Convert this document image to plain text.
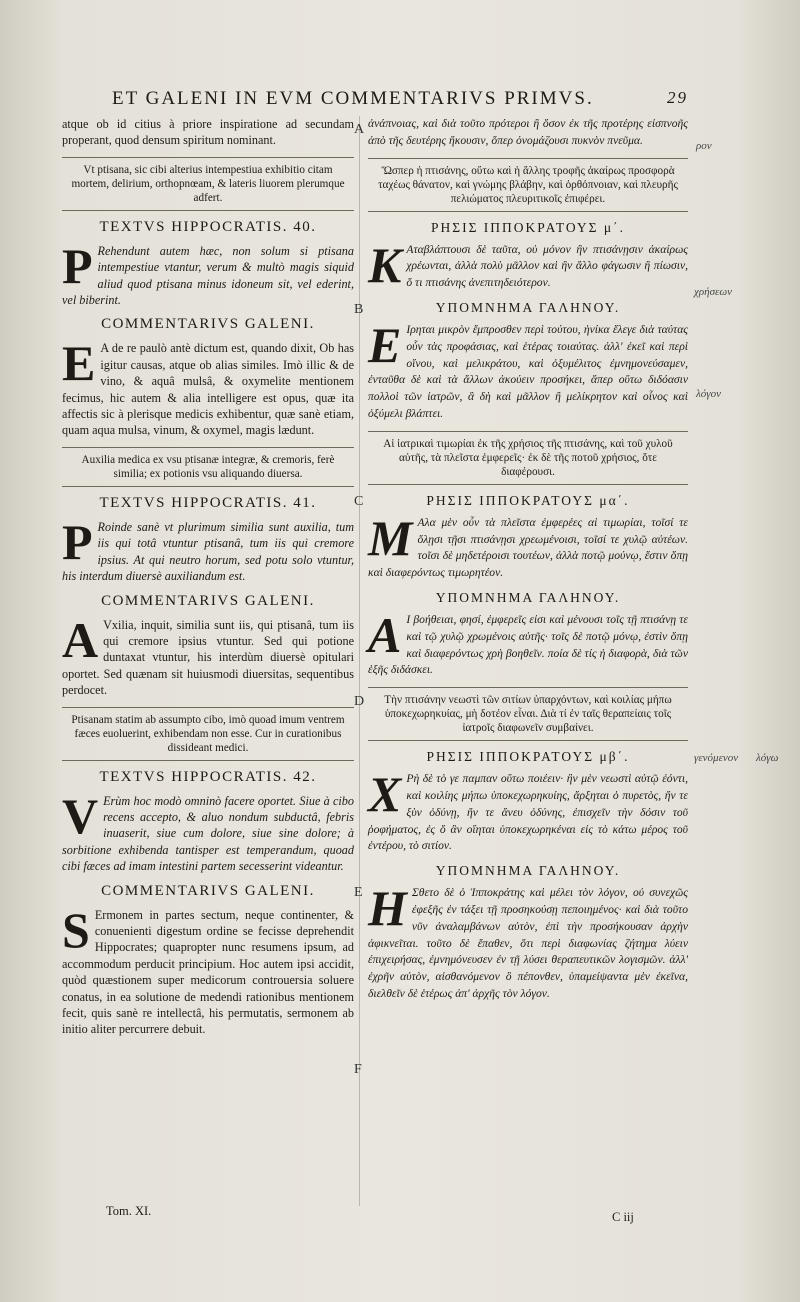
ET GALENI IN EVM COMMENTARIVS PRIMVS.	29

atque ob id citius à priore inspiratione ad secundam properant, quod densum spiritum nominant.

Vt ptisana, sic cibi alterius intempestiua exhibitio citam mortem, delirium, orthopnœam, & lateris liuorem plerumque adfert.
TEXTVS HIPPOCRATIS. 40.

P Rehendunt autem hæc, non solum si ptisana intempestiue vtantur, verum & multò magis siquid aliud quod ptisana minus idoneum sit, vel ederint, vel biberint.

COMMENTARIVS GALENI.

E A de re paulò antè dictum est, quando dixit, Ob has igitur causas, atque ob alias similes. Imò illic & de vino, & aquâ mulsâ, & oxymelite mentionem fecimus, hic autem & alia intelligere est opus, quæ ita affectis sic à plerisque medicis exhibentur, quæ sanè etiam, quam aqua mulsa, vinum, & oxymel, magis lædunt.

Auxilia medica ex vsu ptisanæ integræ, & cremoris, ferè similia; ex potionis vsu aliquando diuersa.
TEXTVS HIPPOCRATIS. 41.

P Roinde sanè vt plurimum similia sunt auxilia, tum iis qui totâ vtuntur ptisanâ, tum iis qui cremore ipsius. At qui neutro horum, sed potu solo vtuntur, his interdum diuersè auxiliandum est.

COMMENTARIVS GALENI.

A Vxilia, inquit, similia sunt iis, qui ptisanâ, tum iis qui cremore ipsius vtuntur. Sed qui potione duntaxat vtuntur, his interdùm diuersè opitulari oportet. Sed quænam sit huiusmodi diuersitas, sequentibus perdocet.

Ptisanam statim ab assumpto cibo, imò quoad imum ventrem fæces euoluerint, exhibendam non esse. Cur in curationibus dissideant medici.
TEXTVS HIPPOCRATIS. 42.

V Erùm hoc modò omninò facere oportet. Siue à cibo recens accepto, & aluo nondum subductâ, febris inuaserit, siue cum dolore, siue sine dolore; à sorbitione exhibenda tantisper est temperandum, quoad cibi fæces ad imam intestini partem secesserint videantur.

COMMENTARIVS GALENI.

S Ermonem in partes sectum, neque continenter, & conuenienti digestum ordine se fecisse deprehendit Hippocrates; quapropter nunc resumens ipsum, ad accommodum perducit principium. Hoc autem ipsi accidit, quòd quæstionem super medicorum controuersia soluere conatus, in ea solutione de medendi rationibus mentionem fecit, quis sanè re intellectâ, his permutatis, sermonem ab initio aliter percurrere debuit.

ἀνάπνοιας, καὶ διὰ τοῦτο πρότεροι ἢ ὅσον ἐκ τῆς προτέρης εἰσπνοῆς ἀπὸ τῆς δευτέρης ἥκουσιν, ὅπερ ὀνομάζουσι πυκνὸν πνεῦμα.

Ὥσπερ ἡ πτισάνης, οὕτω καὶ ἡ ἄλλης τροφῆς ἀκαίρως προσφορὰ ταχέως θάνατον, καὶ γνώμης βλάβην, καὶ ὀρθόπνοιαν, καὶ πλευρῆς πελιώματος πλευριτικοῖς ἐπιφέρει.
ΡΗΣΙΣ ΙΠΠΟΚΡΑΤΟΥΣ μ΄.

K Αταβλάπτουσι δὲ ταῦτα, οὐ μόνον ἢν πτισάνῃσιν ἀκαίρως χρέωνται, ἀλλὰ πολὺ μᾶλλον καὶ ἢν ἄλλο φάγωσιν ἢ πίωσιν, ὅ τι πτισάνης ἀνεπιτηδειότερον.

ΥΠΟΜΝΗΜΑ ΓΑΛΗΝΟΥ.

E Ιρηται μικρὸν ἔμπροσθεν περὶ τούτου, ἡνίκα ἔλεγε διὰ ταύτας οὖν τὰς προφάσιας, καὶ ἑτέρας τοιαύτας. ἀλλ' ἐκεῖ καὶ περὶ οἴνου, καὶ μελικράτου, καὶ ὀξυμέλιτος ἐμνημονεύσαμεν, ἐνταῦθα δὲ καὶ τὰ ἄλλων ἀκούειν προσήκει, ἅπερ οὕτω διδόασιν πολλοὶ τῶν ἰατρῶν, ἃ δὴ καὶ μᾶλλον ἢ μελίκρητον καὶ οἶνος καὶ ὀξύμελι βλάπτει.

Αἱ ἰατρικαὶ τιμωρίαι ἐκ τῆς χρήσιος τῆς πτισάνης, καὶ τοῦ χυλοῦ αὐτῆς, τὰ πλεῖστα ἐμφερεῖς· ἐκ δὲ τῆς ποτοῦ χρήσιος, ὅτε διαφέρουσι.
ΡΗΣΙΣ ΙΠΠΟΚΡΑΤΟΥΣ μα΄.

M Αλα μὲν οὖν τὰ πλεῖστα ἐμφερέες αἱ τιμωρίαι, τοῖσί τε ὅλῃσι τῇσι πτισάνῃσι χρεωμένοισι, τοῖσί τε χυλῷ αὐτέων. τοῖσι δὲ μηδετέροισι τουτέων, ἀλλὰ ποτῷ μούνῳ, ἔστιν ὅπῃ καὶ διαφερόντως τιμωρητέον.

ΥΠΟΜΝΗΜΑ ΓΑΛΗΝΟΥ.

A Ι βοήθειαι, φησί, ἐμφερεῖς εἰσι καὶ μένουσι τοῖς τῇ πτισάνῃ τε καὶ τῷ χυλῷ χρωμένοις αὐτῆς· τοῖς δὲ ποτῷ μόνῳ, ἐστὶν ὅπῃ καὶ διαφερόντως χρὴ βοηθεῖν. ποία δὲ τίς ἡ διαφορὰ, διὰ τῶν ἑξῆς διδάσκει.

Τὴν πτισάνην νεωστὶ τῶν σιτίων ὑπαρχόντων, καὶ κοιλίας μήπω ὑποκεχωρηκυίας, μὴ δοτέον εἶναι. Διὰ τί ἐν ταῖς θεραπείαις τοῖς ἰατροῖς διαφωνεῖν συμβαίνει.
ΡΗΣΙΣ ΙΠΠΟΚΡΑΤΟΥΣ μβ΄.

X Ρὴ δὲ τὸ γε παμπαν οὕτω ποιέειν· ἢν μὲν νεωστὶ αὐτῷ ἐόντι, καὶ κοιλίης μήπω ὑποκεχωρηκυίης, ἄρξηται ὁ πυρετὸς, ἤν τε ξὺν ὀδύνῃ, ἤν τε ἄνευ ὀδύνης, ἐπισχεῖν τὴν δόσιν τοῦ ῥοφήματος, ἐς ὅ ἂν οἴηται ὑποκεχωρηκέναι εἰς τὸ κάτω μέρος τοῦ ἐντέρου, τὸ σιτίον.

ΥΠΟΜΝΗΜΑ ΓΑΛΗΝΟΥ.

H Σθετο δὲ ὁ Ἱπποκράτης καὶ μέλει τὸν λόγον, οὐ συνεχῶς ἐφεξῆς ἐν τάξει τῇ προσηκούσῃ πεποιημένος· καὶ διὰ τοῦτο νῦν ἀναλαμβάνων αὐτὸν, ἐπὶ τὴν προσήκουσαν ἀρχὴν ἀφικνεῖται. τοῦτο δὲ ἔπαθεν, ὅτι περὶ διαφωνίας ζήτημα λύειν ἐπιχειρήσας, ἐμνημόνευσεν ἐν τῇ λύσει θεραπευτικῶν λογισμῶν. ἀλλ' ἐχρῆν αὐτὸν, αἰσθανόμενον ὃ πέπονθεν, ὑπαμείψαντα μὲν ἐκεῖνα, διελθεῖν δὲ ἑτέρως ἀπ' ἀρχῆς τὸν λόγον.

A
B
C
D
E
F
ρον
χρήσεων
λόγον
γενόμενον λόγω
Tom. XI.	C iij
